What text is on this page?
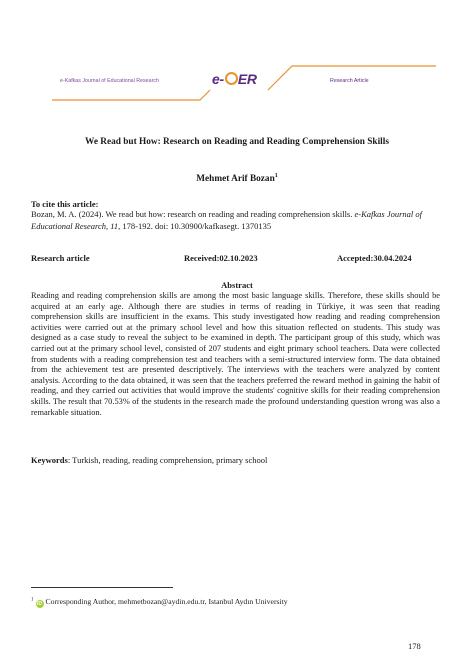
e-Kafkas Journal of Educational Research	e- ER	Research Article
We Read but How: Research on Reading and Reading Comprehension Skills
Mehmet Arif Bozan$^1$
To cite this article:
Bozan, M. A. (2024). We read but how: research on reading and reading comprehension skills. e-Kafkas Journal of Educational Research, 11, 178-192. doi: 10.30900/kafkasegt. 1370135
Research article	Received:02.10.2023	Accepted:30.04.2024
Abstract
Reading and reading comprehension skills are among the most basic language skills. Therefore, these skills should be acquired at an early age. Although there are studies in terms of reading in Türkiye, it was seen that reading comprehension skills are insufficient in the exams. This study investigated how reading and reading comprehension activities were carried out at the primary school level and how this situation reflected on students. This study was designed as a case study to reveal the subject to be examined in depth. The participant group of this study, which was carried out at the primary school level, consisted of 207 students and eight primary school teachers. Data were collected from students with a reading comprehension test and teachers with a semi-structured interview form. The data obtained from the achievement test are presented descriptively. The interviews with the teachers were analyzed by content analysis. According to the data obtained, it was seen that the teachers preferred the reward method in gaining the habit of reading, and they carried out activities that would improve the students' cognitive skills for their reading comprehension skills. The result that 70.53% of the students in the research made the profound understanding question wrong was also a remarkable situation.
Keywords: Turkish, reading, reading comprehension, primary school
$^1$iD Corresponding Author, mehmetbozan@aydin.edu.tr, Istanbul Aydın University
178
